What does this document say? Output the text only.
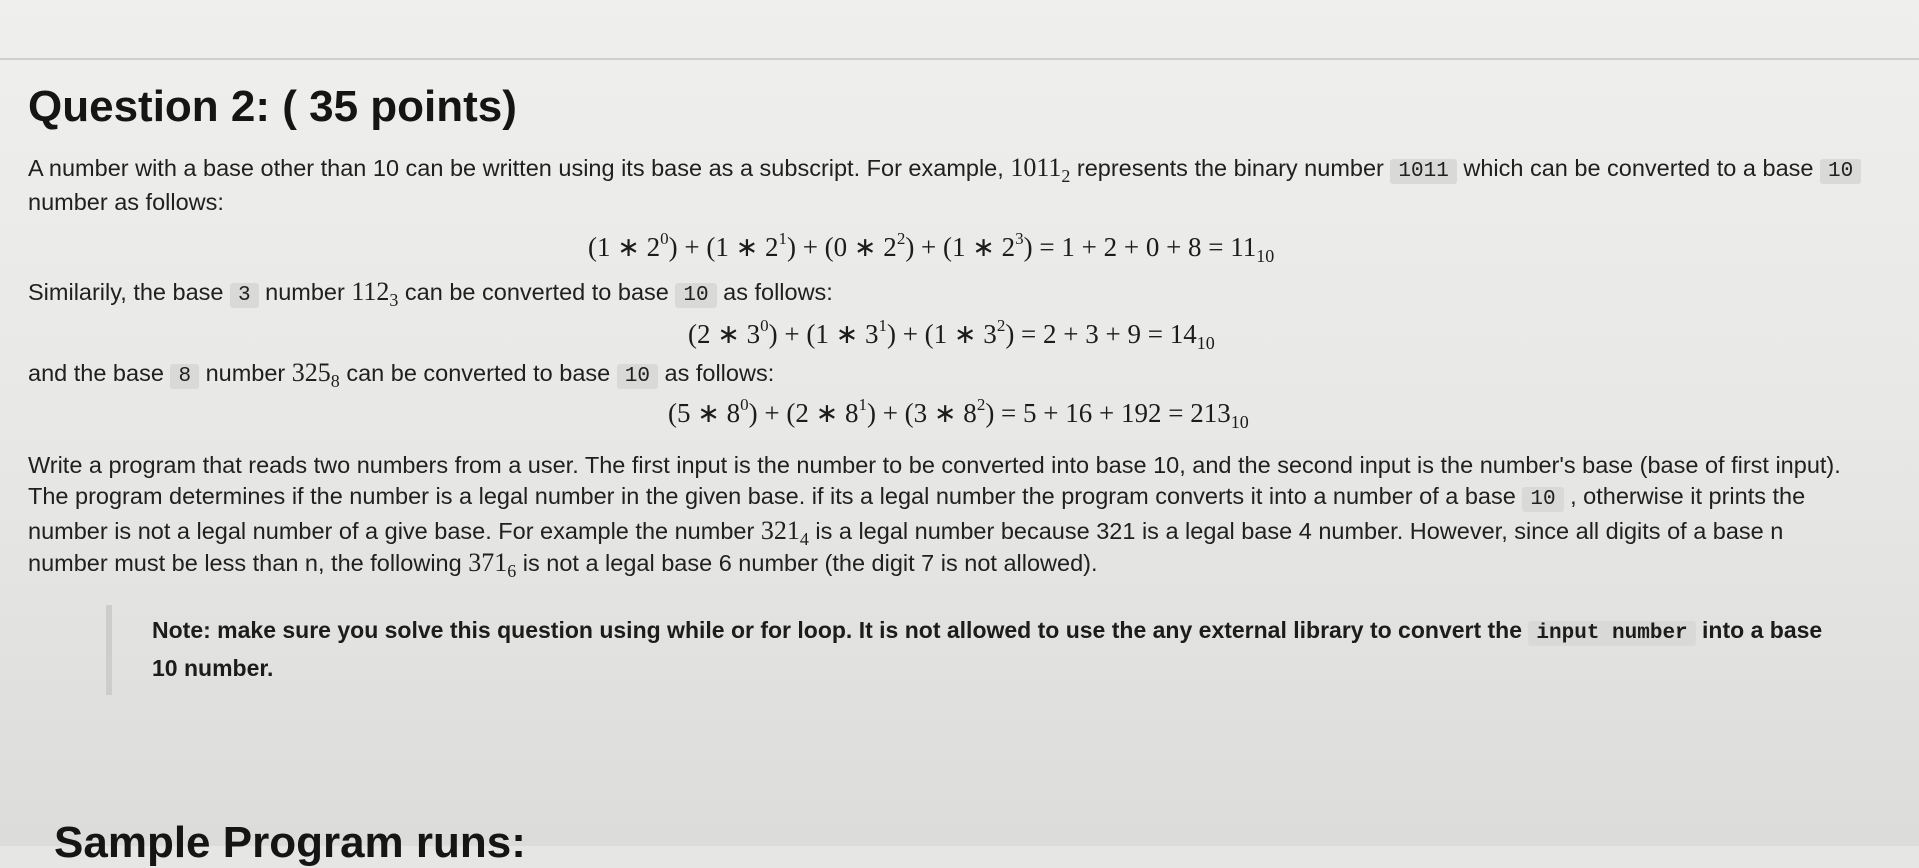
Question 2: ( 35 points)

A number with a base other than 10 can be written using its base as a subscript. For example, $1011_2$ represents the binary number 1011 which can be converted to a base 10 number as follows:

(1 ∗ $2^0) + (1$ ∗ $2^1) + (0$ ∗ $2^2) + (1$ ∗ $2^3) = 1 + 2 + 0 + 8 = 11_{10}$

Similarily, the base 3 number $112_3$ can be converted to base 10 as follows:

(2 ∗ $3^0) + (1$ ∗ $3^1) + (1$ ∗ $3^2) = 2 + 3 + 9 = 14_{10}$

and the base 8 number $325_8$ can be converted to base 10 as follows:

(5 ∗ $8^0) + (2$ ∗ $8^1) + (3$ ∗ $8^2) = 5 + 16 + 192 = 213_{10}$

Write a program that reads two numbers from a user. The first input is the number to be converted into base 10, and the second input is the number's base (base of first input). The program determines if the number is a legal number in the given base. if its a legal number the program converts it into a number of a base 10 , otherwise it prints the number is not a legal number of a give base. For example the number $321_4$ is a legal number because 321 is a legal base 4 number. However, since all digits of a base n number must be less than n, the following $371_6$ is not a legal base 6 number (the digit 7 is not allowed).

Note: make sure you solve this question using while or for loop. It is not allowed to use the any external library to convert the input number into a base 10 number.
Sample Program runs:
